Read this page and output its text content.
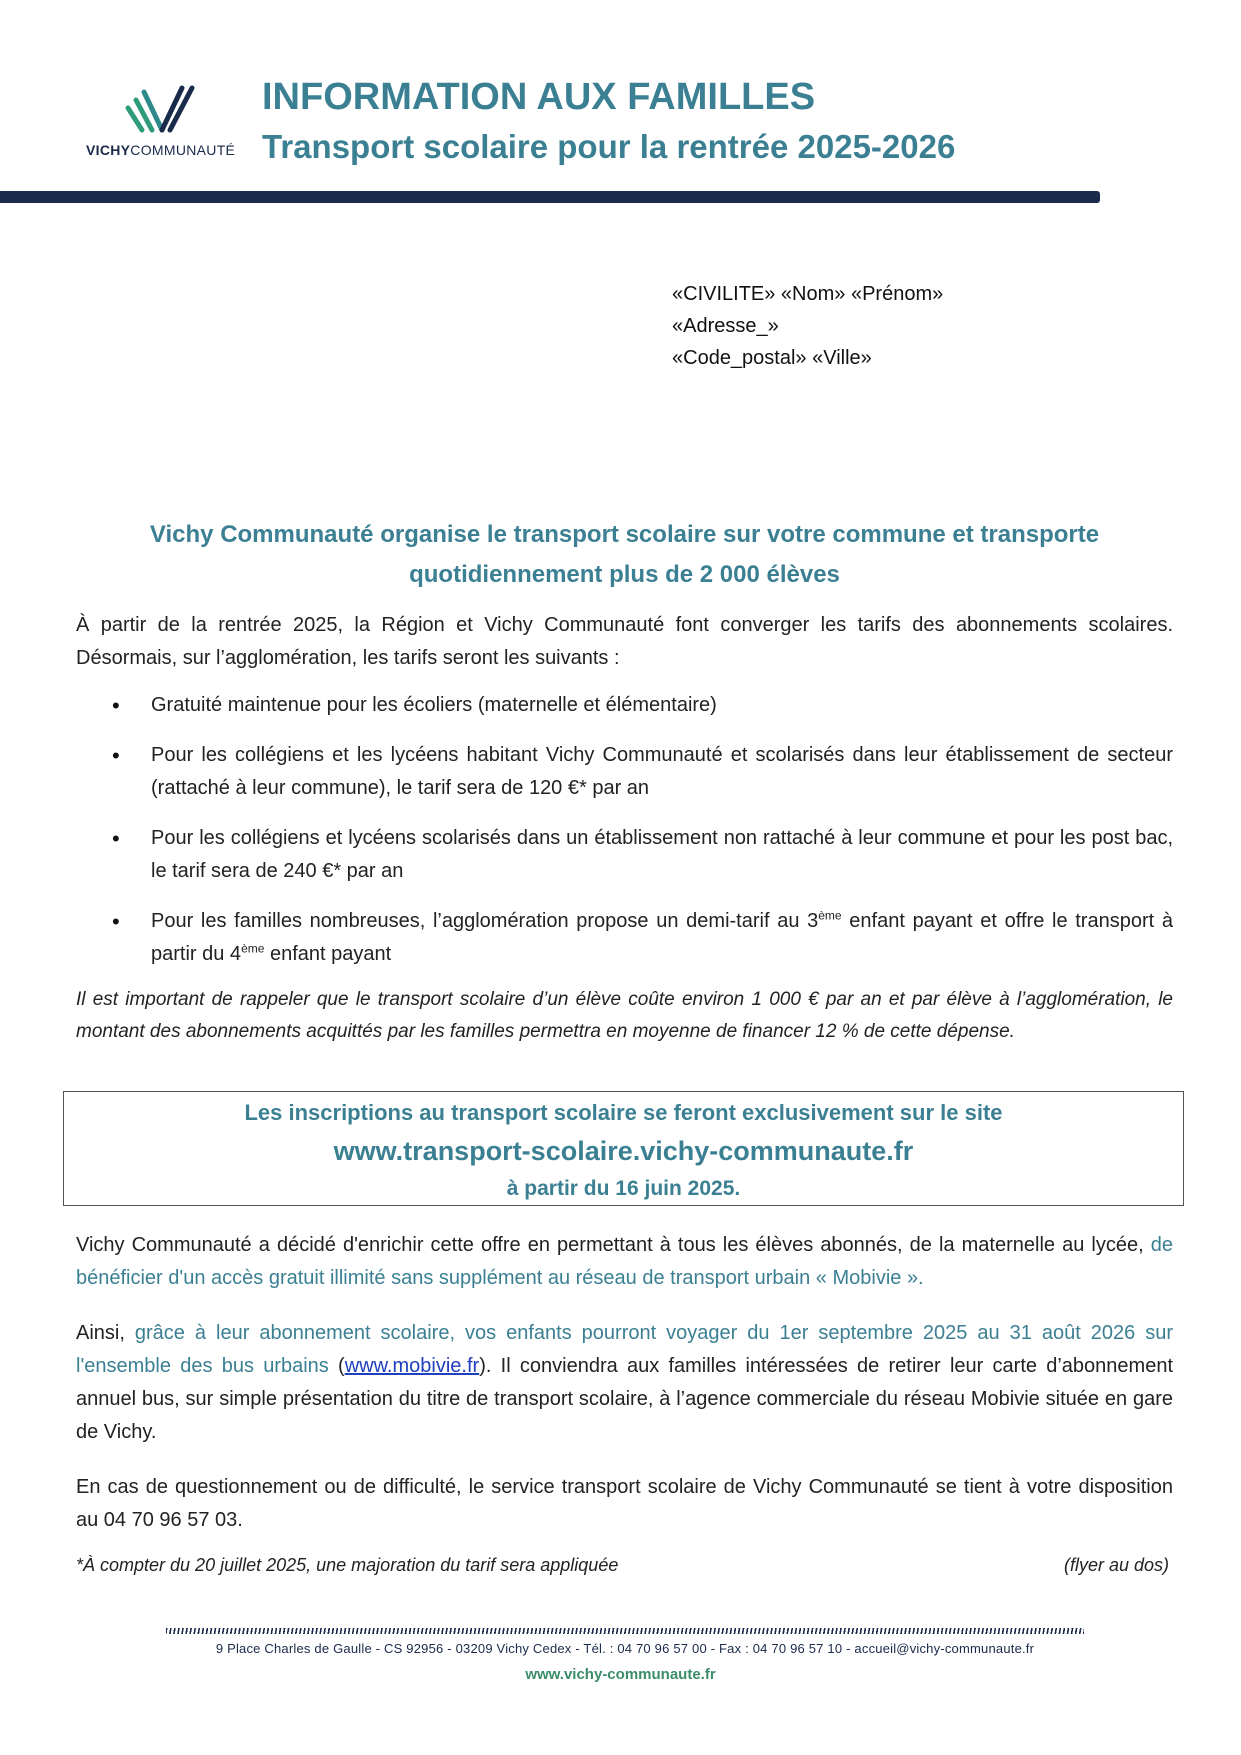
VICHYCOMMUNAUTÉ
INFORMATION AUX FAMILLES
Transport scolaire pour la rentrée 2025-2026
«CIVILITE» «Nom» «Prénom»
«Adresse_»
«Code_postal» «Ville»
Vichy Communauté organise le transport scolaire sur votre commune et transporte
quotidiennement plus de 2 000 élèves

À partir de la rentrée 2025, la Région et Vichy Communauté font converger les tarifs des abonnements scolaires. Désormais, sur l’agglomération, les tarifs seront les suivants :

• Gratuité maintenue pour les écoliers (maternelle et élémentaire)
• Pour les collégiens et les lycéens habitant Vichy Communauté et scolarisés dans leur établissement de secteur (rattaché à leur commune), le tarif sera de 120 €* par an
• Pour les collégiens et lycéens scolarisés dans un établissement non rattaché à leur commune et pour les post bac, le tarif sera de 240 €* par an
• Pour les familles nombreuses, l’agglomération propose un demi-tarif au 3ème enfant payant et offre le transport à partir du 4ème enfant payant

Il est important de rappeler que le transport scolaire d’un élève coûte environ 1 000 € par an et par élève à l’agglomération, le montant des abonnements acquittés par les familles permettra en moyenne de financer 12 % de cette dépense.

Les inscriptions au transport scolaire se feront exclusivement sur le site
www.transport-scolaire.vichy-communaute.fr
à partir du 16 juin 2025.

Vichy Communauté a décidé d'enrichir cette offre en permettant à tous les élèves abonnés, de la maternelle au lycée, de bénéficier d'un accès gratuit illimité sans supplément au réseau de transport urbain « Mobivie ».

Ainsi, grâce à leur abonnement scolaire, vos enfants pourront voyager du 1er septembre 2025 au 31 août 2026 sur l'ensemble des bus urbains (www.mobivie.fr). Il conviendra aux familles intéressées de retirer leur carte d’abonnement annuel bus, sur simple présentation du titre de transport scolaire, à l’agence commerciale du réseau Mobivie située en gare de Vichy.

En cas de questionnement ou de difficulté, le service transport scolaire de Vichy Communauté se tient à votre disposition au 04 70 96 57 03.

*À compter du 20 juillet 2025, une majoration du tarif sera appliquée	(flyer au dos)
9 Place Charles de Gaulle - CS 92956 - 03209 Vichy Cedex - Tél. : 04 70 96 57 00 - Fax : 04 70 96 57 10 - accueil@vichy-communaute.fr
www.vichy-communaute.fr
